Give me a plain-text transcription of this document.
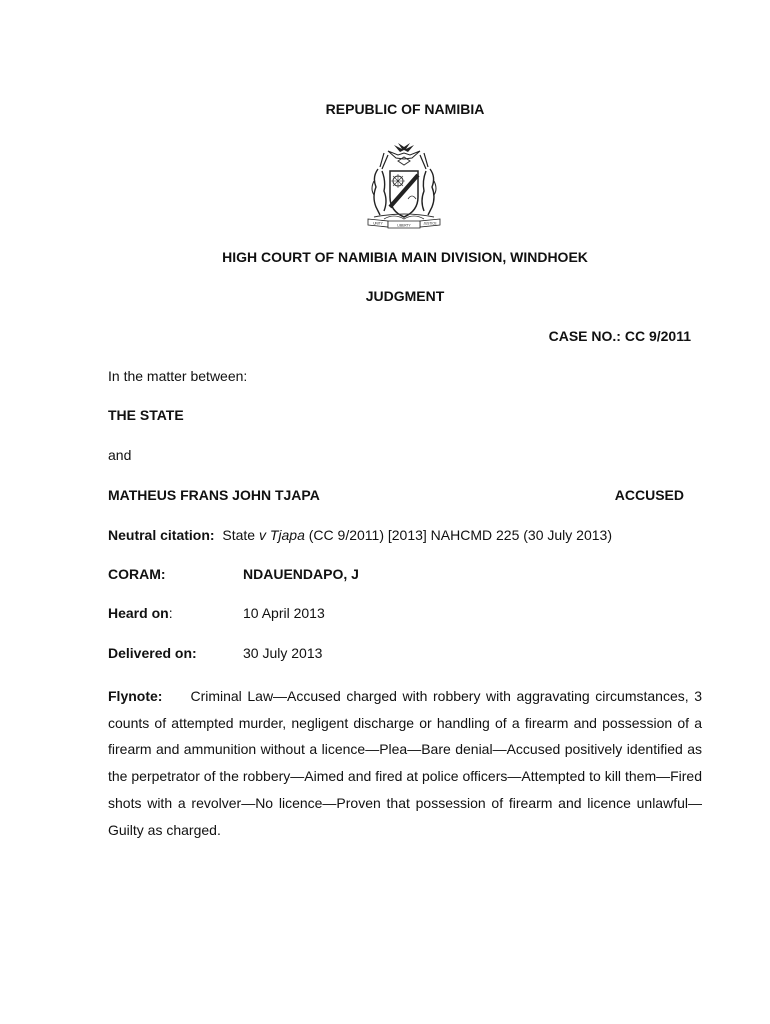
REPUBLIC OF NAMIBIA
UNITY	LIBERTY	JUSTICE
HIGH COURT OF NAMIBIA MAIN DIVISION, WINDHOEK
JUDGMENT
CASE NO.: CC 9/2011
In the matter between:
THE STATE
and
MATHEUS FRANS JOHN TJAPA	ACCUSED
Neutral citation: State v Tjapa (CC 9/2011) [2013] NAHCMD 225 (30 July 2013)
CORAM:	NDAUENDAPO, J
Heard on:	10 April 2013
Delivered on:	30 July 2013
Flynote: Criminal Law—Accused charged with robbery with aggravating circumstances, 3 counts of attempted murder, negligent discharge or handling of a firearm and possession of a firearm and ammunition without a licence—Plea—Bare denial—Accused positively identified as the perpetrator of the robbery—Aimed and fired at police officers—Attempted to kill them—Fired shots with a revolver—No licence—Proven that possession of firearm and licence unlawful—Guilty as charged.
